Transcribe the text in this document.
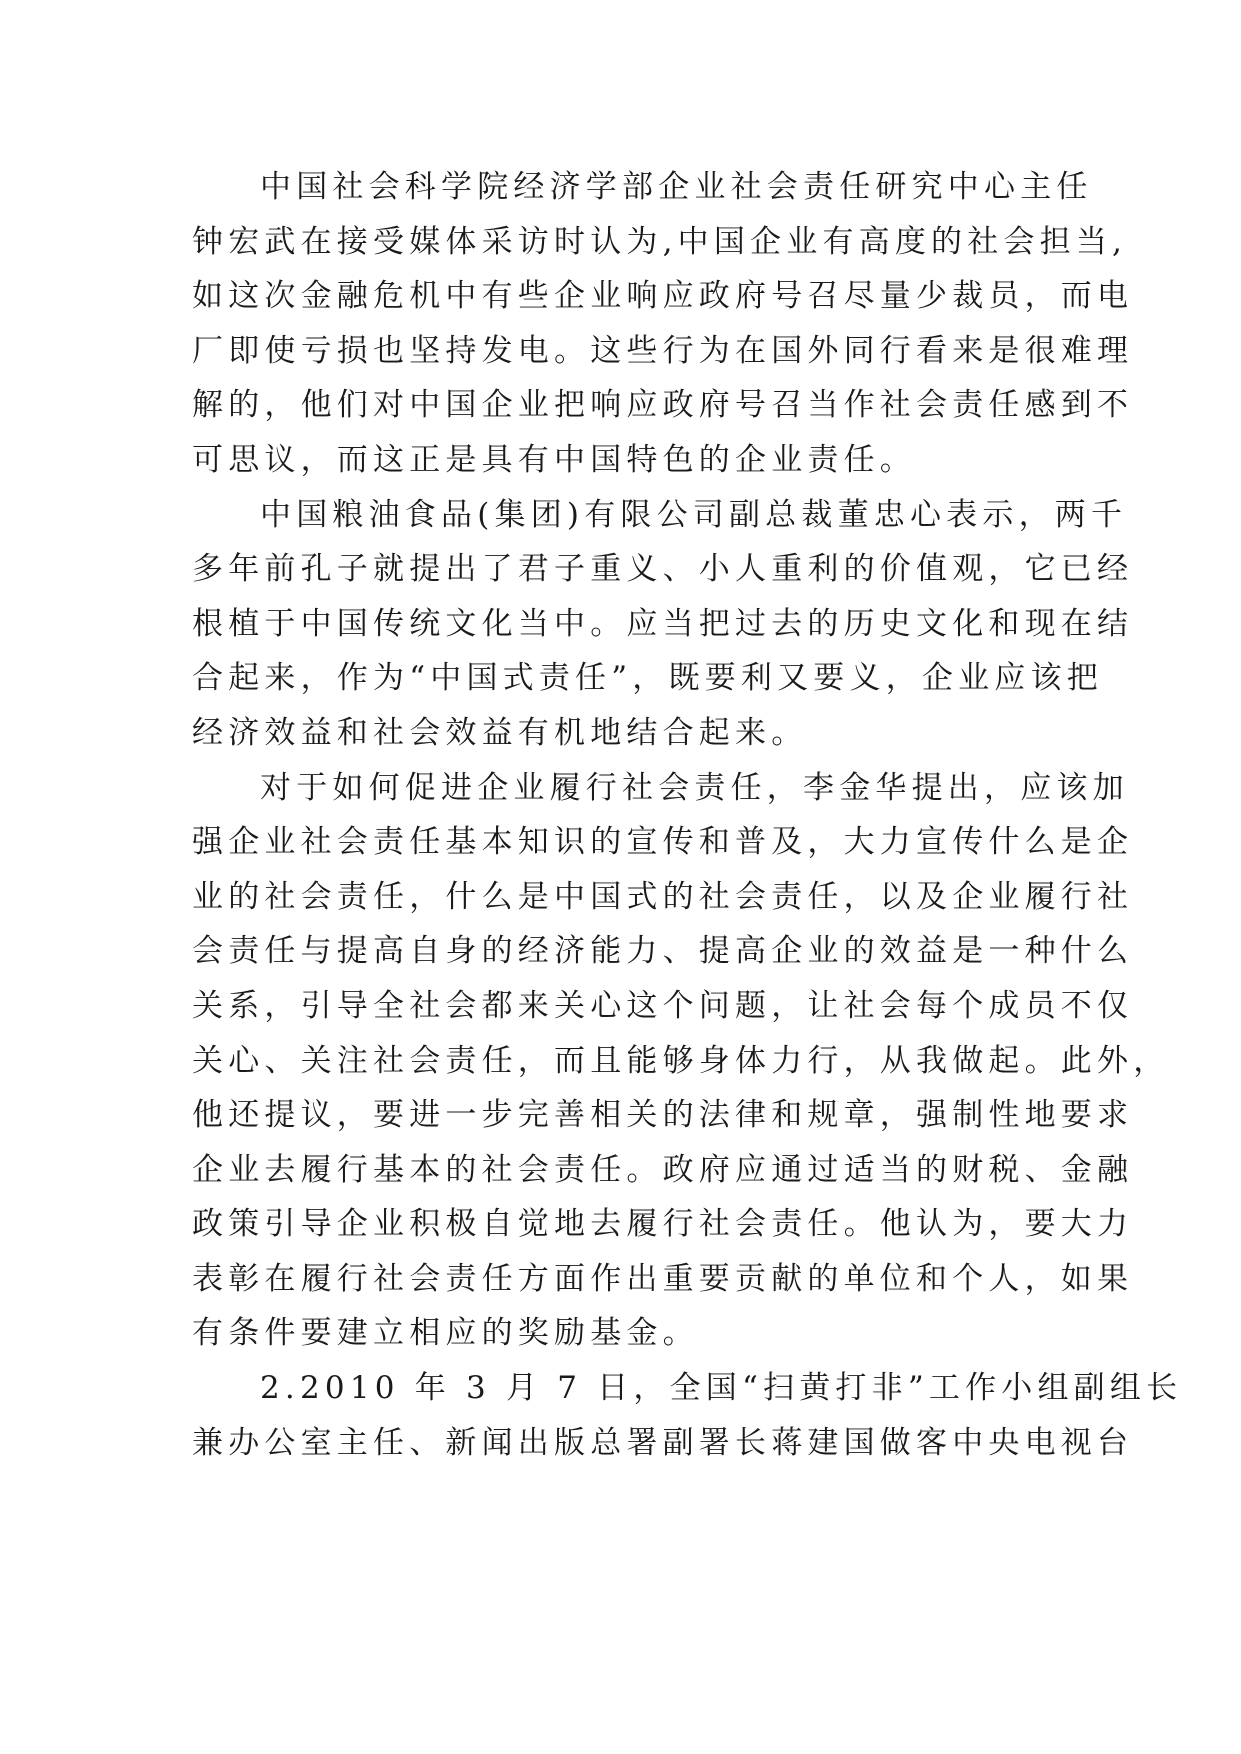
中国社会科学院经济学部企业社会责任研究中心主任
钟宏武在接受媒体采访时认为,中国企业有高度的社会担当,
如这次金融危机中有些企业响应政府号召尽量少裁员，而电
厂即使亏损也坚持发电。这些行为在国外同行看来是很难理
解的，他们对中国企业把响应政府号召当作社会责任感到不
可思议，而这正是具有中国特色的企业责任。
中国粮油食品(集团)有限公司副总裁董忠心表示，两千
多年前孔子就提出了君子重义、小人重利的价值观，它已经
根植于中国传统文化当中。应当把过去的历史文化和现在结
合起来，作为“中国式责任”，既要利又要义，企业应该把
经济效益和社会效益有机地结合起来。
对于如何促进企业履行社会责任，李金华提出，应该加
强企业社会责任基本知识的宣传和普及，大力宣传什么是企
业的社会责任，什么是中国式的社会责任，以及企业履行社
会责任与提高自身的经济能力、提高企业的效益是一种什么
关系，引导全社会都来关心这个问题，让社会每个成员不仅
关心、关注社会责任，而且能够身体力行，从我做起。此外，
他还提议，要进一步完善相关的法律和规章，强制性地要求
企业去履行基本的社会责任。政府应通过适当的财税、金融
政策引导企业积极自觉地去履行社会责任。他认为，要大力
表彰在履行社会责任方面作出重要贡献的单位和个人，如果
有条件要建立相应的奖励基金。
2.2010 年 3 月 7 日，全国“扫黄打非”工作小组副组长
兼办公室主任、新闻出版总署副署长蒋建国做客中央电视台
